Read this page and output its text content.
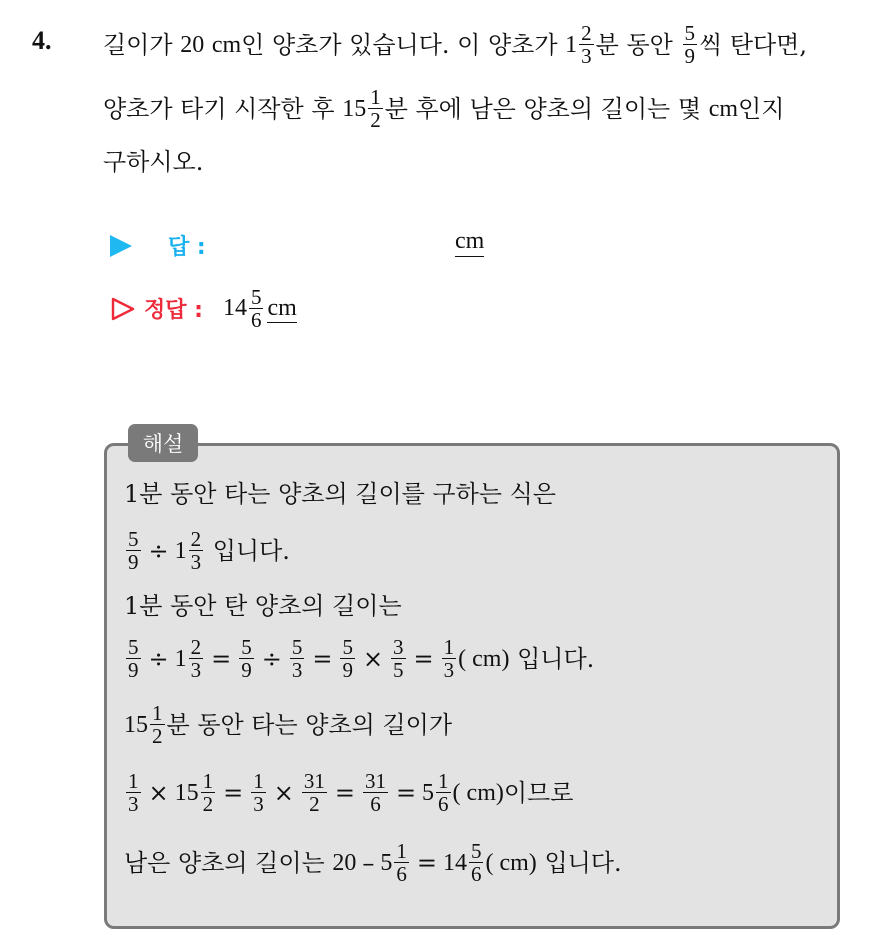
4. 길이가
20
cm 인 양초가 있습니다. 이 양초가
$1 \frac{2}{3}$ 분 동안
$\frac{5}{9}$ 씩 탄다면,
양초가 타기 시작한 후
$15 \frac{1}{2}$ 분 후에 남은 양초의 길이는 몇
cm 인지
구하시오.
답 :	cm
정답 : $14 \frac{5}{6}$ cm
해설
1분 동안 타는 양초의 길이를 구하는 식은
$\frac{5}{9} \div 1 \frac{2}{3}$
입니다.
1분 동안 탄 양초의 길이는
$\frac{5}{9} \div 1 \frac{2}{3} = \frac{5}{9} \div \frac{5}{3} = \frac{5}{9} \times \frac{3}{5} = \frac{1}{3}$ ( cm)
입니다.
$15 \frac{1}{2}$ 분 동안 타는 양초의 길이가
$\frac{1}{3} \times 15 \frac{1}{2} = \frac{1}{3} \times \frac{31}{2} = \frac{31}{6} = 5 \frac{1}{6}$ ( cm) 이므로
남은 양초의 길이는
$20 - 5 \frac{1}{6} = 14 \frac{5}{6}$ ( cm)
입니다.
